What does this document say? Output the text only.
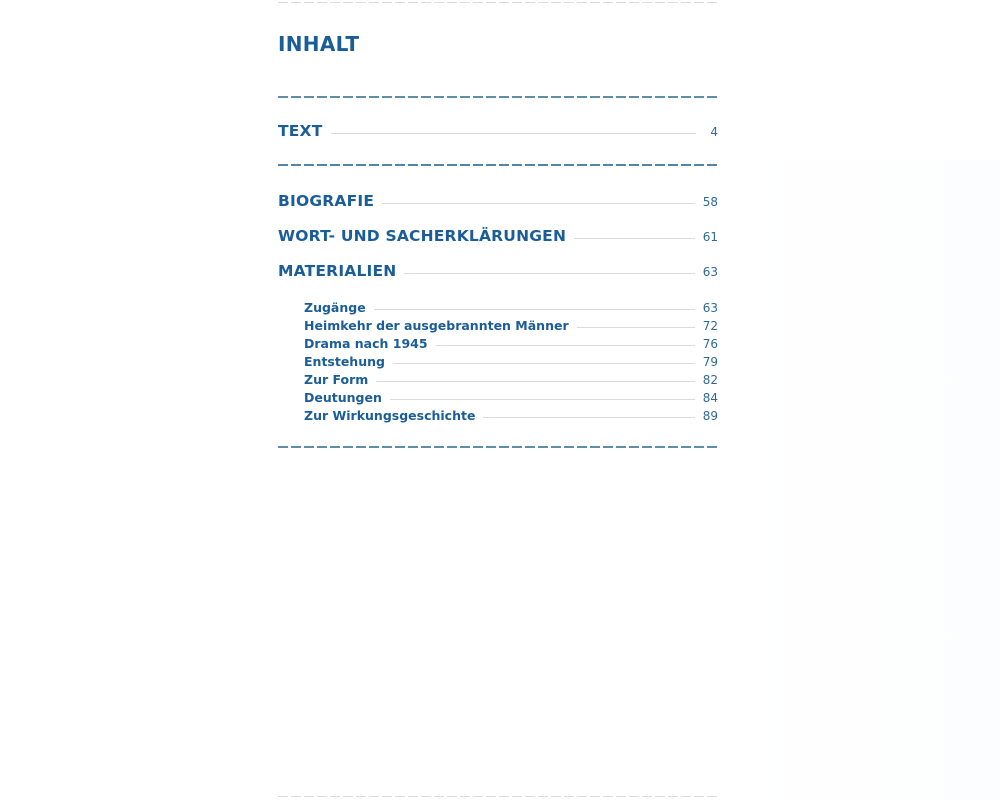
INHALT
TEXT	4
BIOGRAFIE	58
WORT- UND SACHERKLÄRUNGEN	61
MATERIALIEN	63
Zugänge	63
Heimkehr der ausgebrannten Männer	72
Drama nach 1945	76
Entstehung	79
Zur Form	82
Deutungen	84
Zur Wirkungsgeschichte	89
